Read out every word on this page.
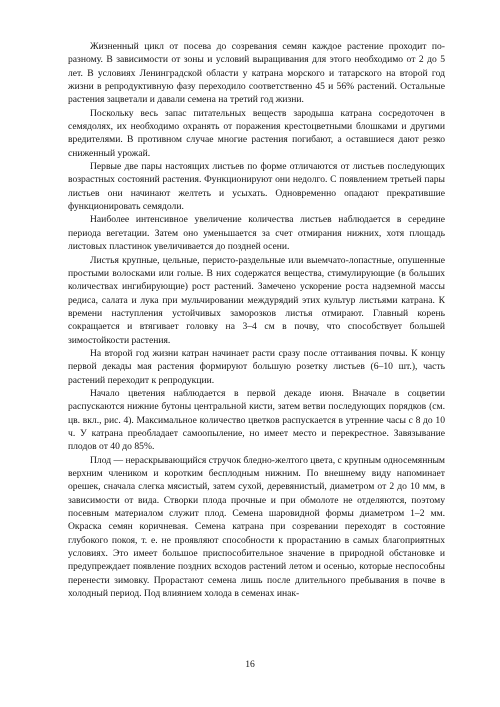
Жизненный цикл от посева до созревания семян каждое растение проходит по-разному. В зависимости от зоны и условий выращивания для этого необходимо от 2 до 5 лет. В условиях Ленинградской области у катрана морского и татарского на второй год жизни в репродуктивную фазу переходило соответственно 45 и 56% растений. Остальные растения зацветали и давали семена на третий год жизни.

Поскольку весь запас питательных веществ зародыша катрана сосредоточен в семядолях, их необходимо охранять от поражения крестоцветными блошками и другими вредителями. В противном случае многие растения погибают, а оставшиеся дают резко сниженный урожай.

Первые две пары настоящих листьев по форме отличаются от листьев последующих возрастных состояний растения. Функционируют они недолго. С появлением третьей пары листьев они начинают желтеть и усыхать. Одновременно опадают прекратившие функционировать семядоли.

Наиболее интенсивное увеличение количества листьев наблюдается в середине периода вегетации. Затем оно уменьшается за счет отмирания нижних, хотя площадь листовых пластинок увеличивается до поздней осени.

Листья крупные, цельные, перисто-раздельные или выемчато-лопастные, опушенные простыми волосками или голые. В них содержатся вещества, стимулирующие (в больших количествах ингибирующие) рост растений. Замечено ускорение роста надземной массы редиса, салата и лука при мульчировании междурядий этих культур листьями катрана. К времени наступления устойчивых заморозков листья отмирают. Главный корень сокращается и втягивает головку на 3–4 см в почву, что способствует большей зимостойкости растения.

На второй год жизни катран начинает расти сразу после оттаивания почвы. К концу первой декады мая растения формируют большую розетку листьев (6–10 шт.), часть растений переходит к репродукции.

Начало цветения наблюдается в первой декаде июня. Вначале в соцветии распускаются нижние бутоны центральной кисти, затем ветви последующих порядков (см. цв. вкл., рис. 4). Максимальное количество цветков распускается в утренние часы с 8 до 10 ч. У катрана преобладает самоопыление, но имеет место и перекрестное. Завязывание плодов от 40 до 85%.

Плод — нераскрывающийся стручок бледно-желтого цвета, с крупным односемянным верхним члеником и коротким бесплодным нижним. По внешнему виду напоминает орешек, сначала слегка мясистый, затем сухой, деревянистый, диаметром от 2 до 10 мм, в зависимости от вида. Створки плода прочные и при обмолоте не отделяются, поэтому посевным материалом служит плод. Семена шаровидной формы диаметром 1–2 мм. Окраска семян коричневая. Семена катрана при созревании переходят в состояние глубокого покоя, т. е. не проявляют способности к прорастанию в самых благоприятных условиях. Это имеет большое приспособительное значение в природной обстановке и предупреждает появление поздних всходов растений летом и осенью, которые неспособны перенести зимовку. Прорастают семена лишь после длительного пребывания в почве в холодный период. Под влиянием холода в семенах инак-

16
